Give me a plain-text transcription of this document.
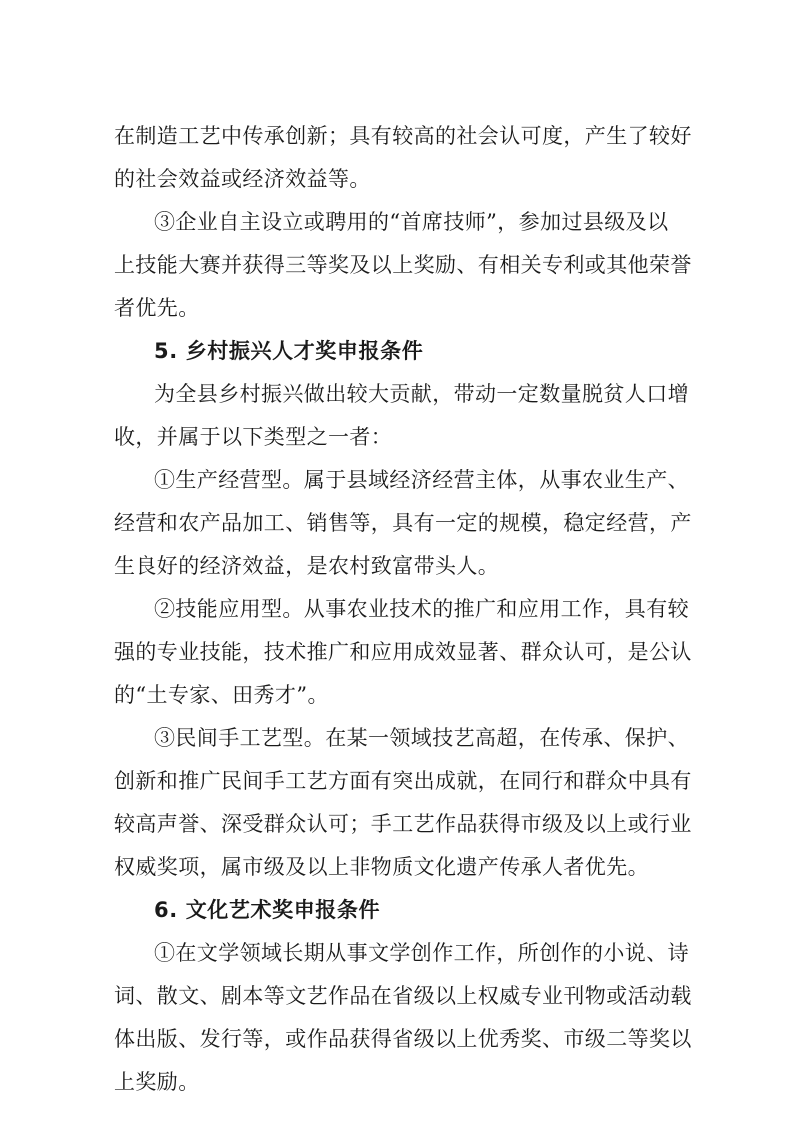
在制造工艺中传承创新；具有较高的社会认可度，产生了较好
的社会效益或经济效益等。
③企业自主设立或聘用的“首席技师”，参加过县级及以
上技能大赛并获得三等奖及以上奖励、有相关专利或其他荣誉
者优先。
5. 乡村振兴人才奖申报条件
为全县乡村振兴做出较大贡献，带动一定数量脱贫人口增
收，并属于以下类型之一者：
①生产经营型。属于县域经济经营主体，从事农业生产、
经营和农产品加工、销售等，具有一定的规模，稳定经营，产
生良好的经济效益，是农村致富带头人。
②技能应用型。从事农业技术的推广和应用工作，具有较
强的专业技能，技术推广和应用成效显著、群众认可，是公认
的“土专家、田秀才”。
③民间手工艺型。在某一领域技艺高超，在传承、保护、
创新和推广民间手工艺方面有突出成就，在同行和群众中具有
较高声誉、深受群众认可；手工艺作品获得市级及以上或行业
权威奖项，属市级及以上非物质文化遗产传承人者优先。
6. 文化艺术奖申报条件
①在文学领域长期从事文学创作工作，所创作的小说、诗
词、散文、剧本等文艺作品在省级以上权威专业刊物或活动载
体出版、发行等，或作品获得省级以上优秀奖、市级二等奖以
上奖励。
